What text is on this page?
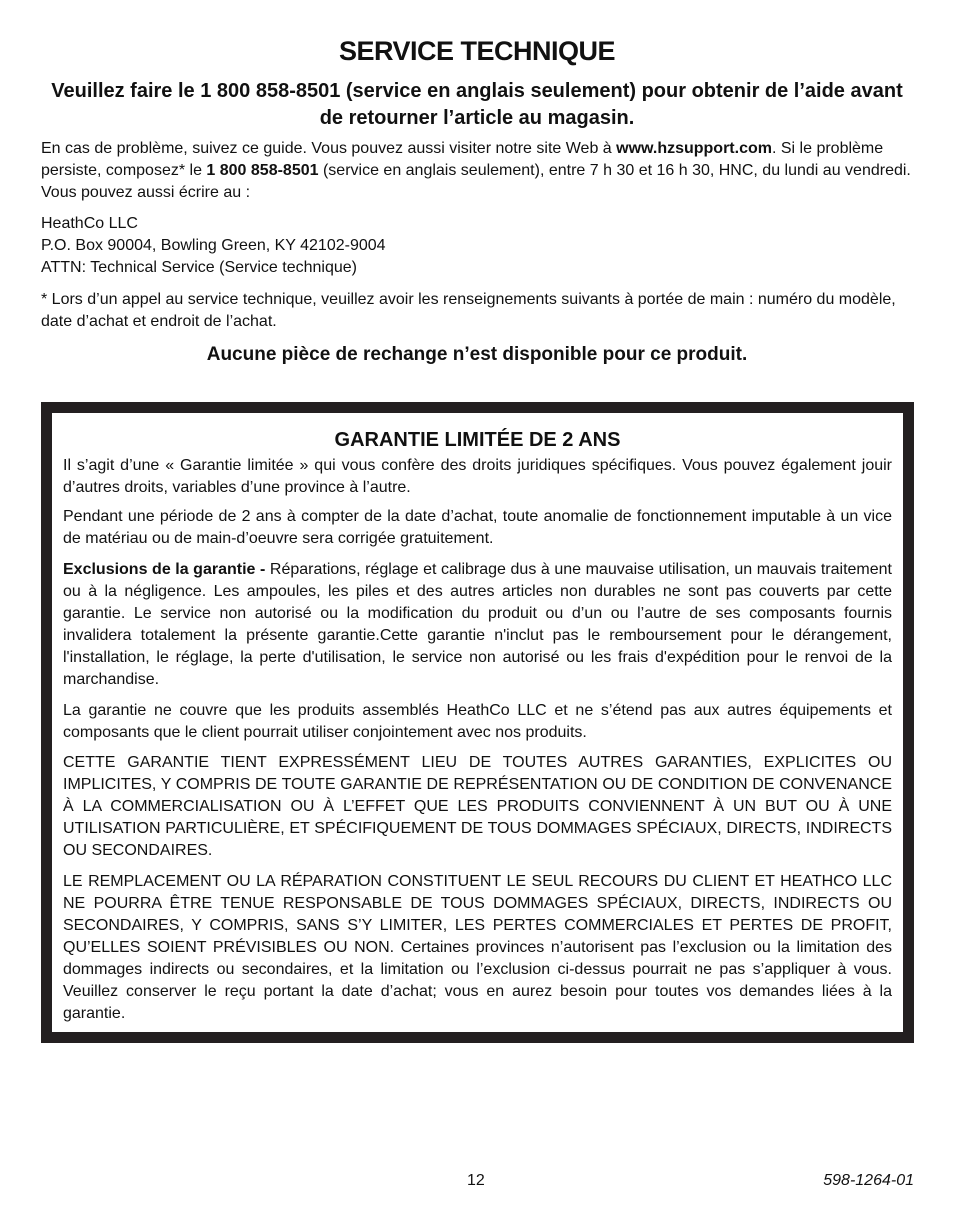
SERVICE TECHNIQUE

Veuillez faire le 1 800 858-8501 (service en anglais seulement) pour obtenir de l’aide avant de retourner l’article au magasin.

En cas de problème, suivez ce guide. Vous pouvez aussi visiter notre site Web à www.hzsupport.com. Si le problème persiste, composez* le 1 800 858-8501 (service en anglais seulement), entre 7 h 30 et 16 h 30, HNC, du lundi au vendredi. Vous pouvez aussi écrire au :

HeathCo LLC
P.O. Box 90004, Bowling Green, KY 42102-9004
ATTN: Technical Service (Service technique)

* Lors d’un appel au service technique, veuillez avoir les renseignements suivants à portée de main : numéro du modèle, date d’achat et endroit de l’achat.

Aucune pièce de rechange n’est disponible pour ce produit.

GARANTIE LIMITÉE DE 2 ANS

Il s’agit d’une « Garantie limitée » qui vous confère des droits juridiques spécifiques. Vous pouvez également jouir d’autres droits, variables d’une province à l’autre.

Pendant une période de 2 ans à compter de la date d’achat, toute anomalie de fonctionnement imputable à un vice de matériau ou de main-d’oeuvre sera corrigée gratuitement.

Exclusions de la garantie - Réparations, réglage et calibrage dus à une mauvaise utilisation, un mauvais traitement ou à la négligence. Les ampoules, les piles et des autres articles non durables ne sont pas couverts par cette garantie. Le service non autorisé ou la modification du produit ou d’un ou l’autre de ses composants fournis invalidera totalement la présente garantie.Cette garantie n'inclut pas le remboursement pour le dérangement, l'installation, le réglage, la perte d'utilisation, le service non autorisé ou les frais d'expédition pour le renvoi de la marchandise.

La garantie ne couvre que les produits assemblés HeathCo LLC et ne s’étend pas aux autres équipements et composants que le client pourrait utiliser conjointement avec nos produits.

CETTE GARANTIE TIENT EXPRESSÉMENT LIEU DE TOUTES AUTRES GARANTIES, EXPLICITES OU IMPLICITES, Y COMPRIS DE TOUTE GARANTIE DE REPRÉSENTATION OU DE CONDITION DE CONVENANCE À LA COMMERCIALISATION OU À L’EFFET QUE LES PRODUITS CONVIENNENT À UN BUT OU À UNE UTILISATION PARTICULIÈRE, ET SPÉCIFIQUEMENT DE TOUS DOMMAGES SPÉCIAUX, DIRECTS, INDIRECTS OU SECONDAIRES.

LE REMPLACEMENT OU LA RÉPARATION CONSTITUENT LE SEUL RECOURS DU CLIENT ET HEATHCO LLC NE POURRA ÊTRE TENUE RESPONSABLE DE TOUS DOMMAGES SPÉCIAUX, DIRECTS, INDIRECTS OU SECONDAIRES, Y COMPRIS, SANS S’Y LIMITER, LES PERTES COMMERCIALES ET PERTES DE PROFIT, QU’ELLES SOIENT PRÉVISIBLES OU NON. Certaines provinces n’autorisent pas l’exclusion ou la limitation des dommages indirects ou secondaires, et la limitation ou l’exclusion ci-dessus pourrait ne pas s’appliquer à vous. Veuillez conserver le reçu portant la date d’achat; vous en aurez besoin pour toutes vos demandes liées à la garantie.

12	598-1264-01
